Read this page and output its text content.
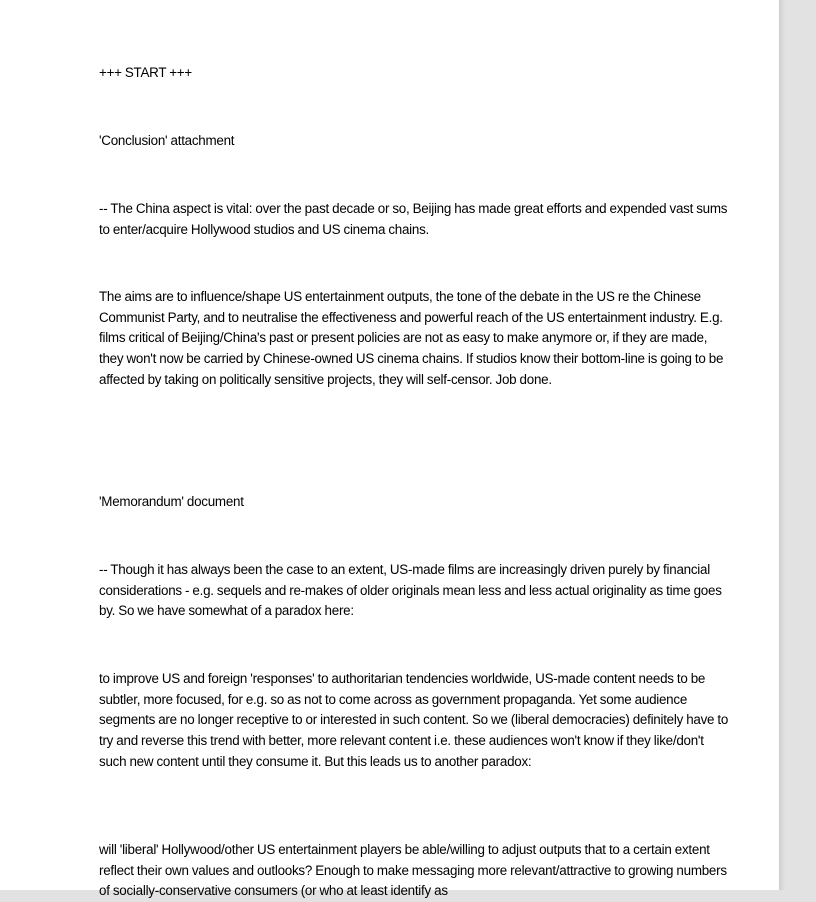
+++ START +++

'Conclusion' attachment

-- The China aspect is vital: over the past decade or so, Beijing has made great efforts and expended vast sums to enter/acquire Hollywood studios and US cinema chains.

The aims are to influence/shape US entertainment outputs, the tone of the debate in the US re the Chinese Communist Party, and to neutralise the effectiveness and powerful reach of the US entertainment industry. E.g. films critical of Beijing/China's past or present policies are not as easy to make anymore or, if they are made, they won't now be carried by Chinese-owned US cinema chains. If studios know their bottom-line is going to be affected by taking on politically sensitive projects, they will self-censor. Job done.

'Memorandum' document

-- Though it has always been the case to an extent, US-made films are increasingly driven purely by financial considerations - e.g. sequels and re-makes of older originals mean less and less actual originality as time goes by. So we have somewhat of a paradox here:

to improve US and foreign 'responses' to authoritarian tendencies worldwide, US-made content needs to be subtler, more focused, for e.g. so as not to come across as government propaganda. Yet some audience segments are no longer receptive to or interested in such content. So we (liberal democracies) definitely have to try and reverse this trend with better, more relevant content i.e. these audiences won't know if they like/don't such new content until they consume it. But this leads us to another paradox:

will 'liberal' Hollywood/other US entertainment players be able/willing to adjust outputs that to a certain extent reflect their own values and outlooks? Enough to make messaging more relevant/attractive to growing numbers of socially-conservative consumers (or who at least identify as
